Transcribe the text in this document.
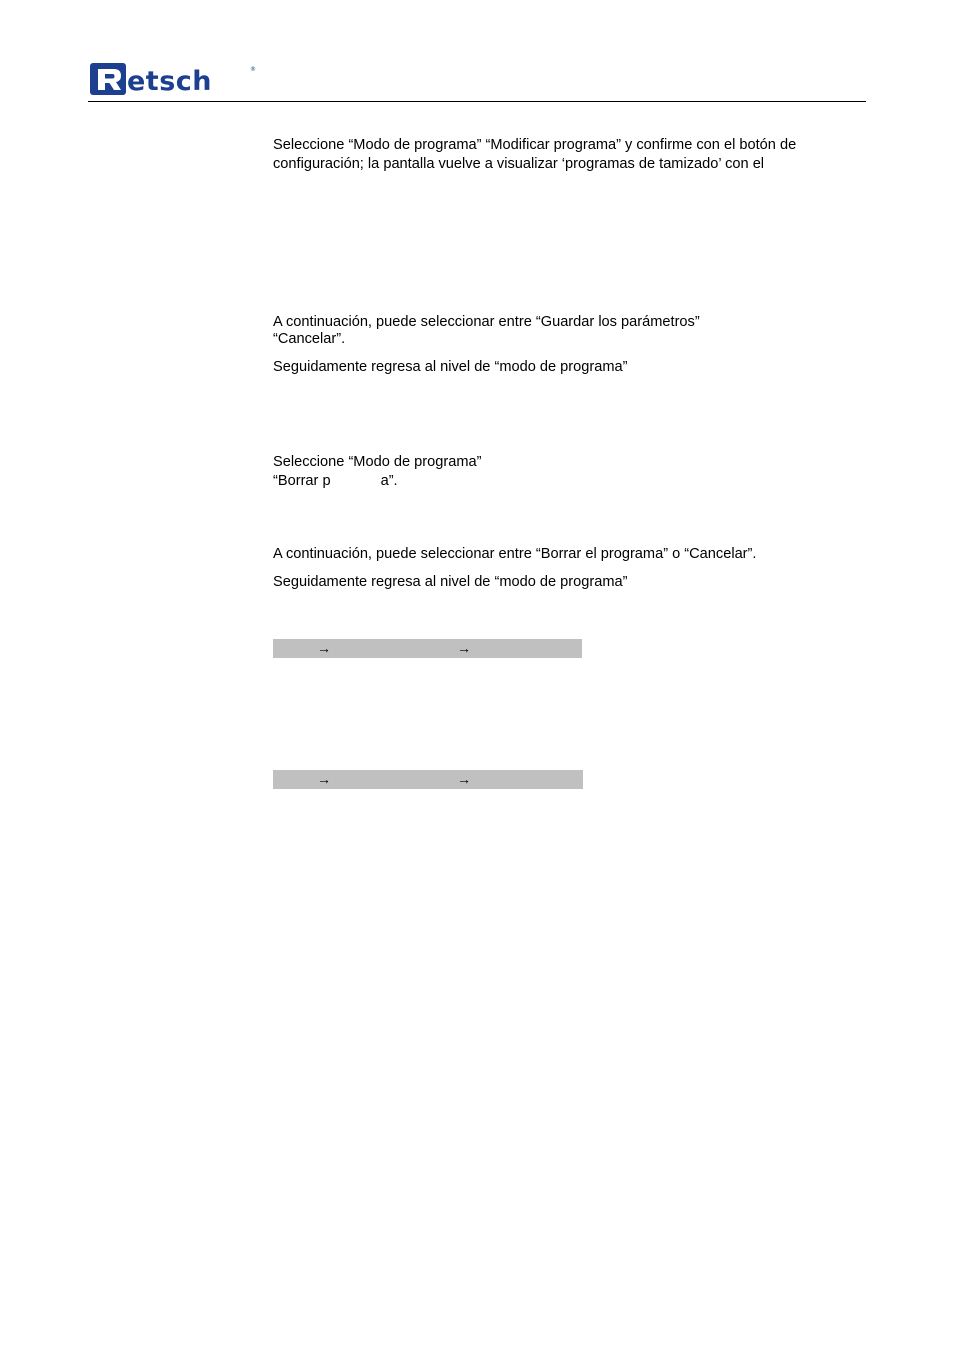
etsch	®

Seleccione “Modo de programa” “Modificar programa” y confirme con el botón de

configuración; la pantalla vuelve a visualizar ‘programas de tamizado’ con el

A continuación, puede seleccionar entre “Guardar los parámetros”

“Cancelar”.

Seguidamente regresa al nivel de “modo de programa”

Seleccione “Modo de programa”

“Borrar p	a”.

A continuación, puede seleccionar entre “Borrar el programa” o “Cancelar”.

Seguidamente regresa al nivel de “modo de programa”

→	→
→	→
